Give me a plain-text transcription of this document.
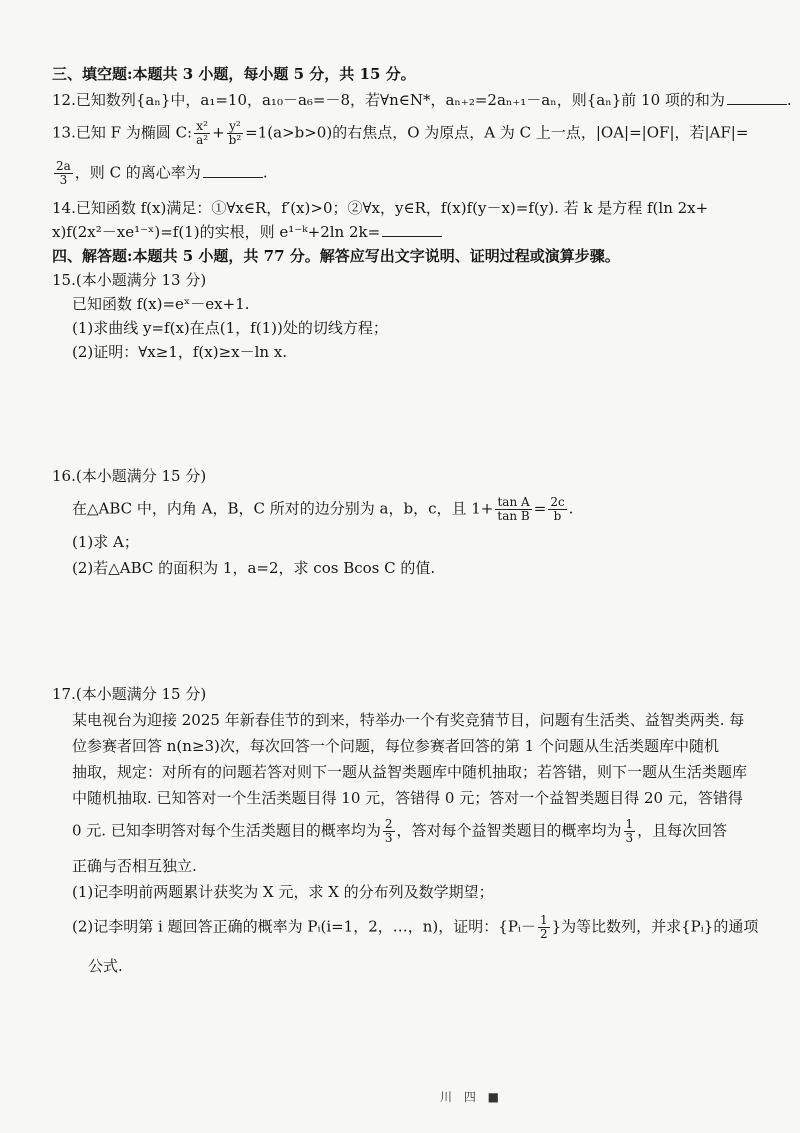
三、填空题:本题共 3 小题，每小题 5 分，共 15 分。
12.已知数列{aₙ}中，a₁=10，a₁₀－a₆=－8，若∀n∈N*，aₙ₊₂=2aₙ₊₁－aₙ，则{aₙ}前 10 项的和为	.
13.已知 F 为椭圆 C: $\frac{\text{x²}}{\text{a²}} + \frac{\text{y²}}{\text{b²}} =1(a>b>0)$的右焦点，O 为原点，A 为 C 上一点，|OA|=|OF|，若|AF|=
$\frac{2a}{3}$ ，则 C 的离心率为	.
14.已知函数 f(x)满足：①∀x∈R，f′(x)>0；②∀x，y∈R，f(x)f(y－x)=f(y). 若 k 是方程 f(ln 2x+
x)f(2x²－xe¹⁻ˣ)=f(1)的实根，则 e¹⁻ᵏ+2ln 2k=
四、解答题:本题共 5 小题，共 77 分。解答应写出文字说明、证明过程或演算步骤。
15.(本小题满分 13 分)
已知函数 f(x)=eˣ－ex+1.
(1)求曲线 y=f(x)在点(1，f(1))处的切线方程；
(2)证明：∀x≥1，f(x)≥x－ln x.
16.(本小题满分 15 分)
在△ABC 中，内角 A，B，C 所对的边分别为 a，b，c，且 $1+ \frac{\text{tan A}}{\text{tan B}} = \frac{2c}{b}$ .
(1)求 A；
(2)若△ABC 的面积为 1，a=2，求 cos Bcos C 的值.
17.(本小题满分 15 分)
某电视台为迎接 2025 年新春佳节的到来，特举办一个有奖竞猜节目，问题有生活类、益智类两类. 每
位参赛者回答 n(n≥3)次，每次回答一个问题，每位参赛者回答的第 1 个问题从生活类题库中随机
抽取，规定：对所有的问题若答对则下一题从益智类题库中随机抽取；若答错，则下一题从生活类题库
中随机抽取. 已知答对一个生活类题目得 10 元，答错得 0 元；答对一个益智类题目得 20 元，答错得
0 元. 已知李明答对每个生活类题目的概率均为 $\frac{2}{3}$ ，答对每个益智类题目的概率均为 $\frac{1}{3}$ ，且每次回答
正确与否相互独立.
(1)记李明前两题累计获奖为 X 元，求 X 的分布列及数学期望；
(2)记李明第 i 题回答正确的概率为 Pᵢ(i=1，2，…，n)，证明：{Pᵢ－ $\frac{1}{2}$ }为等比数列，并求{Pᵢ}的通项
公式.
川 四 ■
